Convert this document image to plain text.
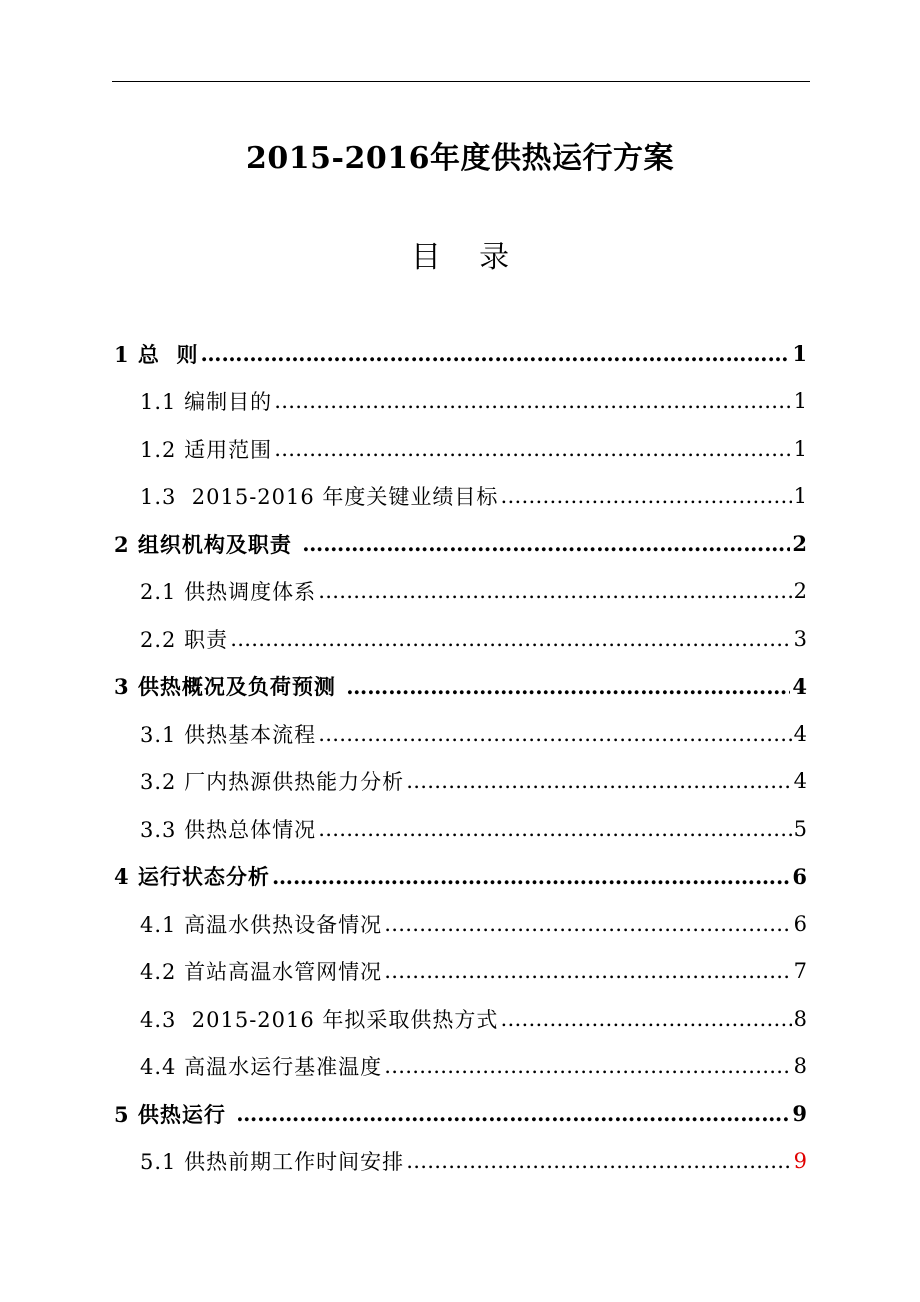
2015-2016年度供热运行方案
目    录
1 总  则 ……………………………………………………………………………………………………………………………………	1
1.1 编制目的 ……………………………………………………………………………………………………………………………………	1
1.2 适用范围 ……………………………………………………………………………………………………………………………………	1
1.3  2015-2016 年度关键业绩目标 ……………………………………………………………………………………………………………………………………	1
2 组织机构及职责 ……………………………………………………………………………………………………………………………………	2
2.1 供热调度体系 ……………………………………………………………………………………………………………………………………	2
2.2 职责 ……………………………………………………………………………………………………………………………………	3
3 供热概况及负荷预测 ……………………………………………………………………………………………………………………………………	4
3.1 供热基本流程 ……………………………………………………………………………………………………………………………………	4
3.2 厂内热源供热能力分析 ……………………………………………………………………………………………………………………………………	4
3.3 供热总体情况 ……………………………………………………………………………………………………………………………………	5
4 运行状态分析 ……………………………………………………………………………………………………………………………………	6
4.1 高温水供热设备情况 ……………………………………………………………………………………………………………………………………	6
4.2 首站高温水管网情况 ……………………………………………………………………………………………………………………………………	7
4.3  2015-2016 年拟采取供热方式 ……………………………………………………………………………………………………………………………………	8
4.4 高温水运行基准温度 ……………………………………………………………………………………………………………………………………	8
5 供热运行 ……………………………………………………………………………………………………………………………………	9
5.1 供热前期工作时间安排 ……………………………………………………………………………………………………………………………………	9
